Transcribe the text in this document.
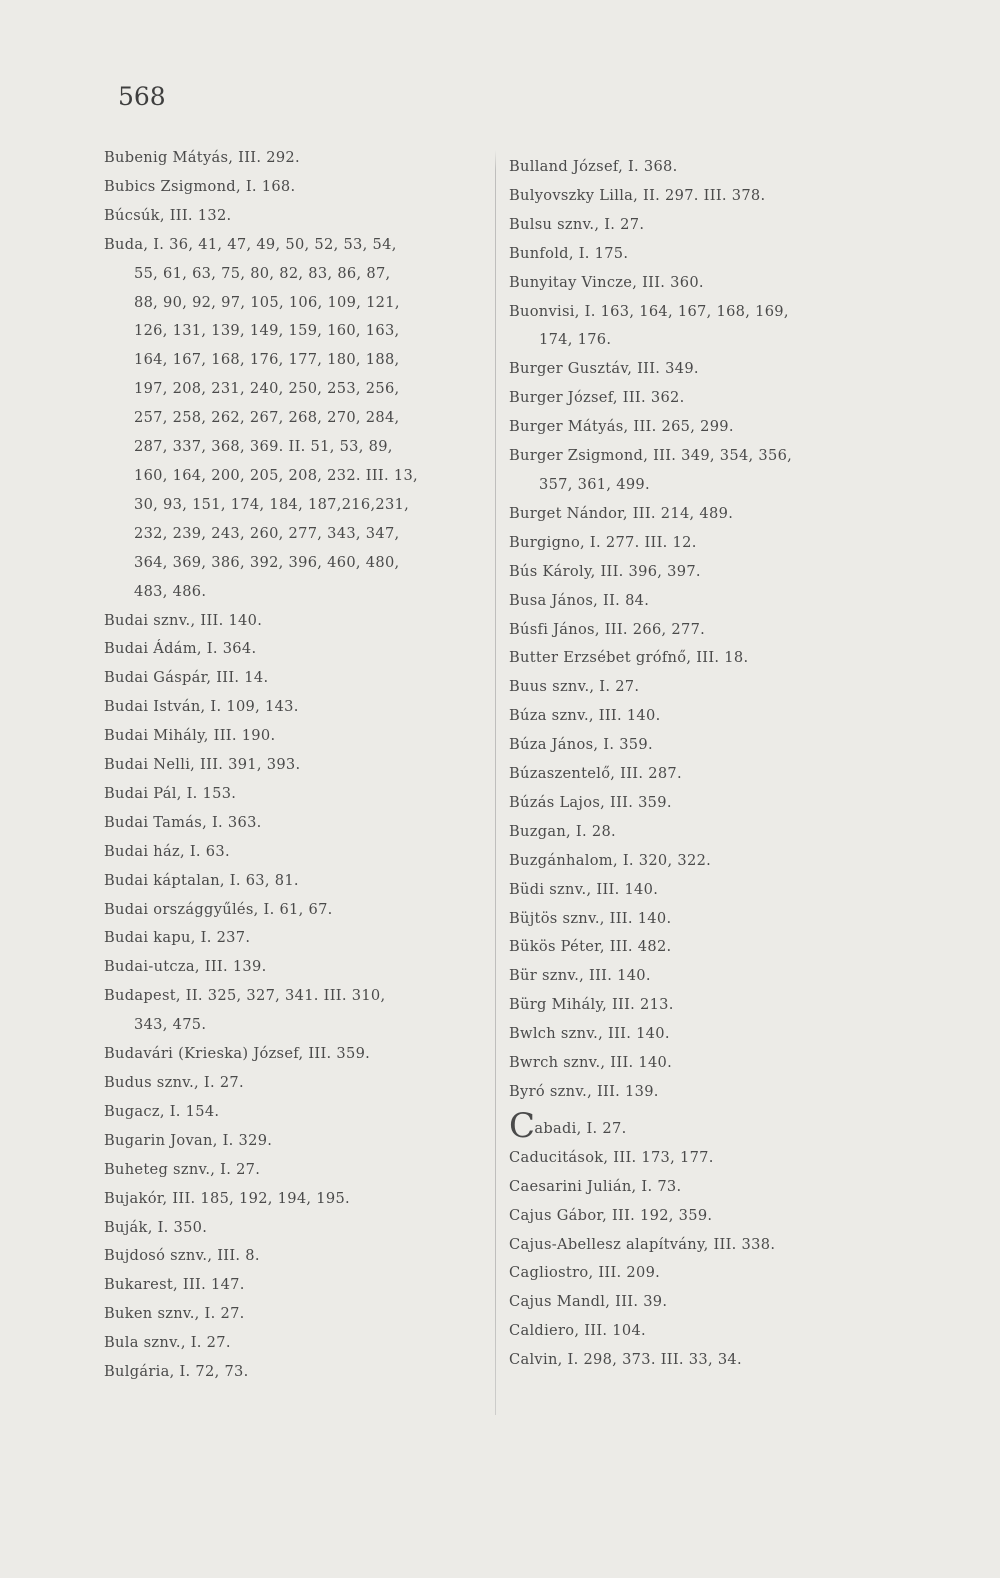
568
Bubenig Mátyás, III. 292.
Bubics Zsigmond, I. 168.
Búcsúk, III. 132.
Buda, I. 36, 41, 47, 49, 50, 52, 53, 54,
55, 61, 63, 75, 80, 82, 83, 86, 87,
88, 90, 92, 97, 105, 106, 109, 121,
126, 131, 139, 149, 159, 160, 163,
164, 167, 168, 176, 177, 180, 188,
197, 208, 231, 240, 250, 253, 256,
257, 258, 262, 267, 268, 270, 284,
287, 337, 368, 369. II. 51, 53, 89,
160, 164, 200, 205, 208, 232. III. 13,
30, 93, 151, 174, 184, 187,216,231,
232, 239, 243, 260, 277, 343, 347,
364, 369, 386, 392, 396, 460, 480,
483, 486.
Budai sznv., III. 140.
Budai Ádám, I. 364.
Budai Gáspár, III. 14.
Budai István, I. 109, 143.
Budai Mihály, III. 190.
Budai Nelli, III. 391, 393.
Budai Pál, I. 153.
Budai Tamás, I. 363.
Budai ház, I. 63.
Budai káptalan, I. 63, 81.
Budai országgyűlés, I. 61, 67.
Budai kapu, I. 237.
Budai-utcza, III. 139.
Budapest, II. 325, 327, 341. III. 310,
343, 475.
Budavári (Krieska) József, III. 359.
Budus sznv., I. 27.
Bugacz, I. 154.
Bugarin Jovan, I. 329.
Buheteg sznv., I. 27.
Bujakór, III. 185, 192, 194, 195.
Buják, I. 350.
Bujdosó sznv., III. 8.
Bukarest, III. 147.
Buken sznv., I. 27.
Bula sznv., I. 27.
Bulgária, I. 72, 73.
Bulland József, I. 368.
Bulyovszky Lilla, II. 297. III. 378.
Bulsu sznv., I. 27.
Bunfold, I. 175.
Bunyitay Vincze, III. 360.
Buonvisi, I. 163, 164, 167, 168, 169,
174, 176.
Burger Gusztáv, III. 349.
Burger József, III. 362.
Burger Mátyás, III. 265, 299.
Burger Zsigmond, III. 349, 354, 356,
357, 361, 499.
Burget Nándor, III. 214, 489.
Burgigno, I. 277. III. 12.
Bús Károly, III. 396, 397.
Busa János, II. 84.
Búsfi János, III. 266, 277.
Butter Erzsébet grófnő, III. 18.
Buus sznv., I. 27.
Búza sznv., III. 140.
Búza János, I. 359.
Búzaszentelő, III. 287.
Búzás Lajos, III. 359.
Buzgan, I. 28.
Buzgánhalom, I. 320, 322.
Büdi sznv., III. 140.
Büjtös sznv., III. 140.
Bükös Péter, III. 482.
Bür sznv., III. 140.
Bürg Mihály, III. 213.
Bwlch sznv., III. 140.
Bwrch sznv., III. 140.
Byró sznv., III. 139.
Cabadi, I. 27.
Caducitások, III. 173, 177.
Caesarini Julián, I. 73.
Cajus Gábor, III. 192, 359.
Cajus-Abellesz alapítvány, III. 338.
Cagliostro, III. 209.
Cajus Mandl, III. 39.
Caldiero, III. 104.
Calvin, I. 298, 373. III. 33, 34.
